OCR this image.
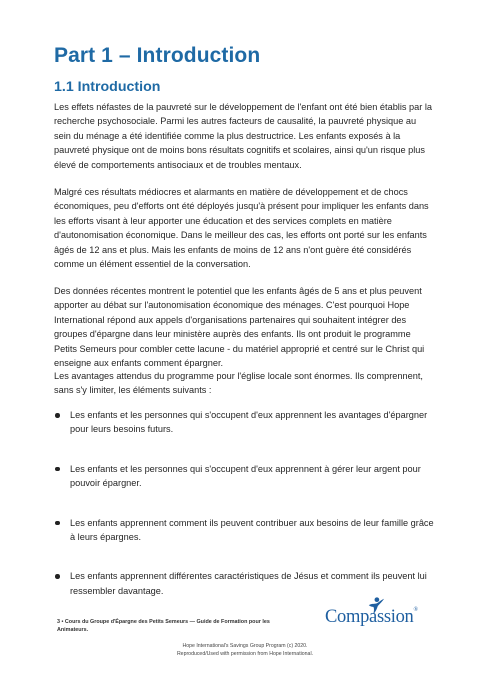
Part 1 – Introduction
1.1 Introduction

Les effets néfastes de la pauvreté sur le développement de l'enfant ont été bien établis par la recherche psychosociale. Parmi les autres facteurs de causalité, la pauvreté physique au sein du ménage a été identifiée comme la plus destructrice. Les enfants exposés à la pauvreté physique ont de moins bons résultats cognitifs et scolaires, ainsi qu'un risque plus élevé de comportements antisociaux et de troubles mentaux.

Malgré ces résultats médiocres et alarmants en matière de développement et de chocs économiques, peu d'efforts ont été déployés jusqu'à présent pour impliquer les enfants dans les efforts visant à leur apporter une éducation et des services complets en matière d'autonomisation économique. Dans le meilleur des cas, les efforts ont porté sur les enfants âgés de 12 ans et plus. Mais les enfants de moins de 12 ans n'ont guère été considérés comme un élément essentiel de la conversation.

Des données récentes montrent le potentiel que les enfants âgés de 5 ans et plus peuvent apporter au débat sur l'autonomisation économique des ménages. C'est pourquoi Hope International répond aux appels d'organisations partenaires qui souhaitent intégrer des groupes d'épargne dans leur ministère auprès des enfants. Ils ont produit le programme Petits Semeurs pour combler cette lacune - du matériel approprié et centré sur le Christ qui enseigne aux enfants comment épargner.

Les avantages attendus du programme pour l'église locale sont énormes. Ils comprennent, sans s'y limiter, les éléments suivants :

Les enfants et les personnes qui s'occupent d'eux apprennent les avantages d'épargner pour leurs besoins futurs.
Les enfants et les personnes qui s'occupent d'eux apprennent à gérer leur argent pour pouvoir épargner.
Les enfants apprennent comment ils peuvent contribuer aux besoins de leur famille grâce à leurs épargnes.
Les enfants apprennent différentes caractéristiques de Jésus et comment ils peuvent lui ressembler davantage.
3 • Cours du Groupe d'Épargne des Petits Semeurs — Guide de Formation pour les Animateurs.
Compassion®
Hope International's Savings Group Program (c) 2020.
Reproduced/Used with permission from Hope International.
